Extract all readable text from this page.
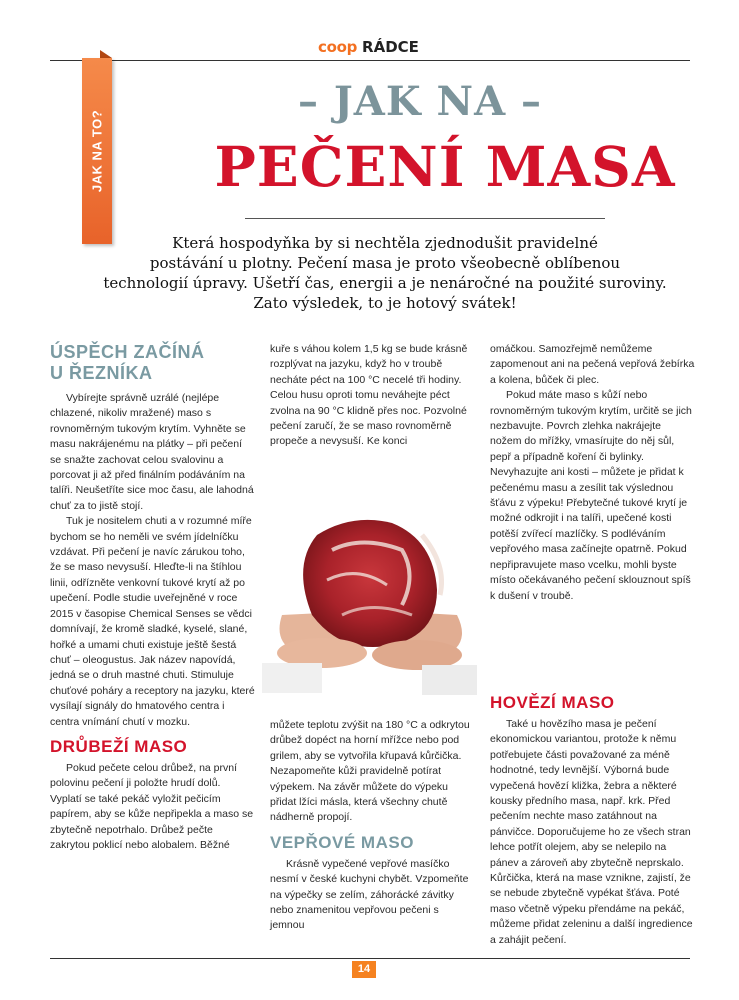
coop RÁDCE
JAK NA TO?
– JAK NA –
PEČENÍ MASA
Která hospodyňka by si nechtěla zjednodušit pravidelné
postávání u plotny. Pečení masa je proto všeobecně oblíbenou
technologií úpravy. Ušetří čas, energii a je nenáročné na použité suroviny.
Zato výsledek, to je hotový svátek!
ÚSPĚCH ZAČÍNÁ
U ŘEZNÍKA

Vybírejte správně uzrálé (nejlépe chlazené, nikoliv mražené) maso s rovnoměrným tukovým krytím. Vyhněte se masu nakrájenému na plátky – při pečení se snažte zachovat celou svalovinu a porcovat ji až před finálním podáváním na talíři. Neušetříte sice moc času, ale lahodná chuť za to jistě stojí.

Tuk je nositelem chuti a v rozumné míře bychom se ho neměli ve svém jídelníčku vzdávat. Při pečení je navíc zárukou toho, že se maso nevysuší. Hleďte-li na štíhlou linii, odřízněte venkovní tukové krytí až po upečení. Podle studie uveřejněné v roce 2015 v časopise Chemical Senses se vědci domnívají, že kromě sladké, kyselé, slané, hořké a umami chuti existuje ještě šestá chuť – oleogustus. Jak název napovídá, jedná se o druh mastné chuti. Stimuluje chuťové poháry a receptory na jazyku, které vysílají signály do hmatového centra i centra vnímání chutí v mozku.

DRŮBEŽÍ MASO

Pokud pečete celou drůbež, na první polovinu pečení ji položte hrudí dolů. Vyplatí se také pekáč vyložit pečicím papírem, aby se kůže nepřipekla a maso se zbytečně nepotrhalo. Drůbež pečte zakrytou poklicí nebo alobalem. Běžné

kuře s váhou kolem 1,5 kg se bude krásně rozplývat na jazyku, když ho v troubě necháte péct na 100 °C necelé tři hodiny. Celou husu oproti tomu neváhejte péct zvolna na 90 °C klidně přes noc. Pozvolné pečení zaručí, že se maso rovnoměrně propeče a nevysuší. Ke konci

můžete teplotu zvýšit na 180 °C a odkrytou drůbež dopéct na horní mřížce nebo pod grilem, aby se vytvořila křupavá kůrčička. Nezapomeňte kůži pravidelně potírat výpekem. Na závěr můžete do výpeku přidat lžíci másla, která všechny chutě nádherně propojí.

VEPŘOVÉ MASO

Krásně vypečené vepřové masíčko nesmí v české kuchyni chybět. Vzpomeňte na výpečky se zelím, záhorácké závitky nebo znamenitou vepřovou pečeni s jemnou

omáčkou. Samozřejmě nemůžeme zapomenout ani na pečená vepřová žebírka a kolena, bůček či plec.

Pokud máte maso s kůží nebo rovnoměrným tukovým krytím, určitě se jich nezbavujte. Povrch zlehka nakrájejte nožem do mřížky, vmasírujte do něj sůl, pepř a případně koření či bylinky. Nevyhazujte ani kosti – můžete je přidat k pečenému masu a zesílit tak výslednou šťávu z výpeku! Přebytečné tukové krytí je možné odkrojit i na talíři, upečené kosti potěší zvířecí mazlíčky. S podléváním vepřového masa začínejte opatrně. Pokud nepřipravujete maso vcelku, mohli byste místo očekávaného pečení sklouznout spíš k dušení v troubě.

HOVĚZÍ MASO

Také u hovězího masa je pečení ekonomickou variantou, protože k němu potřebujete části považované za méně hodnotné, tedy levnější. Výborná bude vypečená hovězí kližka, žebra a některé kousky předního masa, např. krk. Před pečením nechte maso zatáhnout na pánvičce. Doporučujeme ho ze všech stran lehce potřít olejem, aby se nelepilo na pánev a zároveň aby zbytečně neprskalo. Kůrčička, která na mase vznikne, zajistí, že se nebude zbytečně vypékat šťáva. Poté maso včetně výpeku přendáme na pekáč, můžeme přidat zeleninu a další ingredience a zahájit pečení.

14
